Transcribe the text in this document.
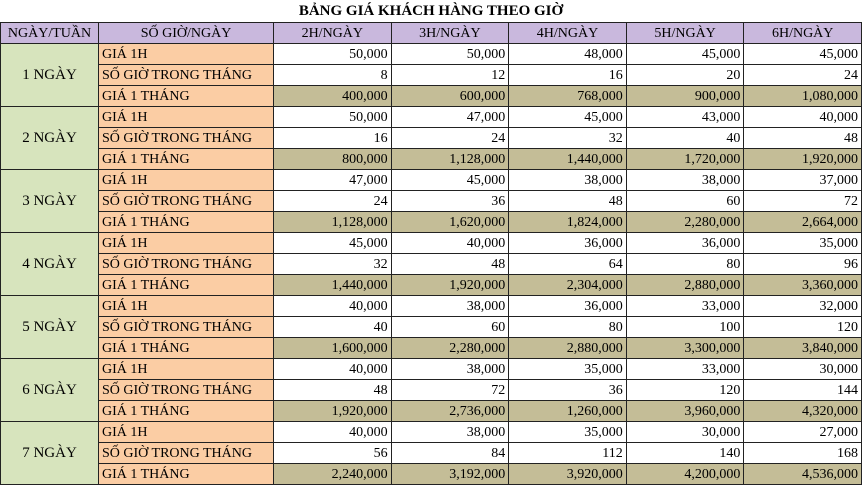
BẢNG GIÁ KHÁCH HÀNG THEO GIỜ
NGÀY/TUẦN	SỐ GIỜ/NGÀY	2H/NGÀY	3H/NGÀY	4H/NGÀY	5H/NGÀY	6H/NGÀY
1 NGÀY	GIÁ 1H	50,000	50,000	48,000	45,000	45,000
	SỐ GIỜ TRONG THÁNG	8	12	16	20	24
	GIÁ 1 THÁNG	400,000	600,000	768,000	900,000	1,080,000
2 NGÀY	GIÁ 1H	50,000	47,000	45,000	43,000	40,000
	SỐ GIỜ TRONG THÁNG	16	24	32	40	48
	GIÁ 1 THÁNG	800,000	1,128,000	1,440,000	1,720,000	1,920,000
3 NGÀY	GIÁ 1H	47,000	45,000	38,000	38,000	37,000
	SỐ GIỜ TRONG THÁNG	24	36	48	60	72
	GIÁ 1 THÁNG	1,128,000	1,620,000	1,824,000	2,280,000	2,664,000
4 NGÀY	GIÁ 1H	45,000	40,000	36,000	36,000	35,000
	SỐ GIỜ TRONG THÁNG	32	48	64	80	96
	GIÁ 1 THÁNG	1,440,000	1,920,000	2,304,000	2,880,000	3,360,000
5 NGÀY	GIÁ 1H	40,000	38,000	36,000	33,000	32,000
	SỐ GIỜ TRONG THÁNG	40	60	80	100	120
	GIÁ 1 THÁNG	1,600,000	2,280,000	2,880,000	3,300,000	3,840,000
6 NGÀY	GIÁ 1H	40,000	38,000	35,000	33,000	30,000
	SỐ GIỜ TRONG THÁNG	48	72	36	120	144
	GIÁ 1 THÁNG	1,920,000	2,736,000	1,260,000	3,960,000	4,320,000
7 NGÀY	GIÁ 1H	40,000	38,000	35,000	30,000	27,000
	SỐ GIỜ TRONG THÁNG	56	84	112	140	168
	GIÁ 1 THÁNG	2,240,000	3,192,000	3,920,000	4,200,000	4,536,000
